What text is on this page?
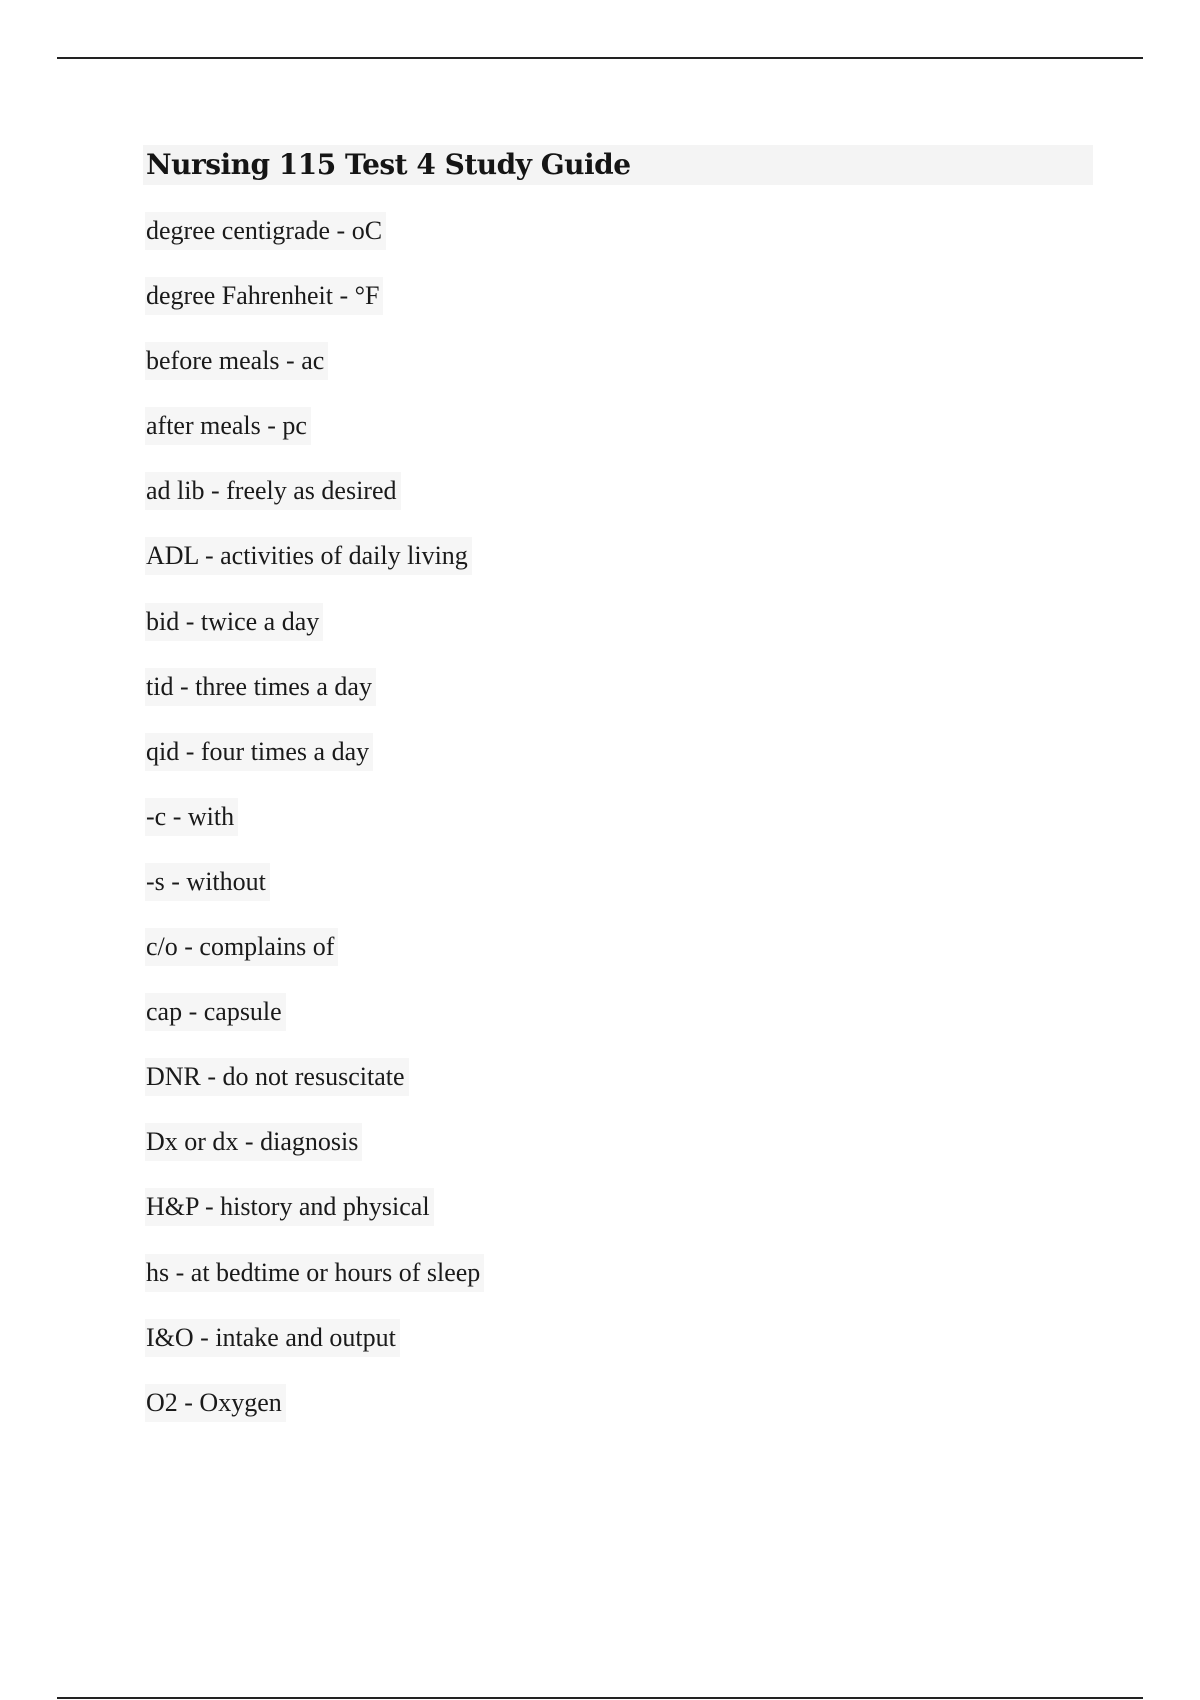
Nursing 115 Test 4 Study Guide
degree centigrade - oC
degree Fahrenheit - °F
before meals - ac
after meals - pc
ad lib - freely as desired
ADL - activities of daily living
bid - twice a day
tid - three times a day
qid - four times a day
-c - with
-s - without
c/o - complains of
cap - capsule
DNR - do not resuscitate
Dx or dx - diagnosis
H&P - history and physical
hs - at bedtime or hours of sleep
I&O - intake and output
O2 - Oxygen
